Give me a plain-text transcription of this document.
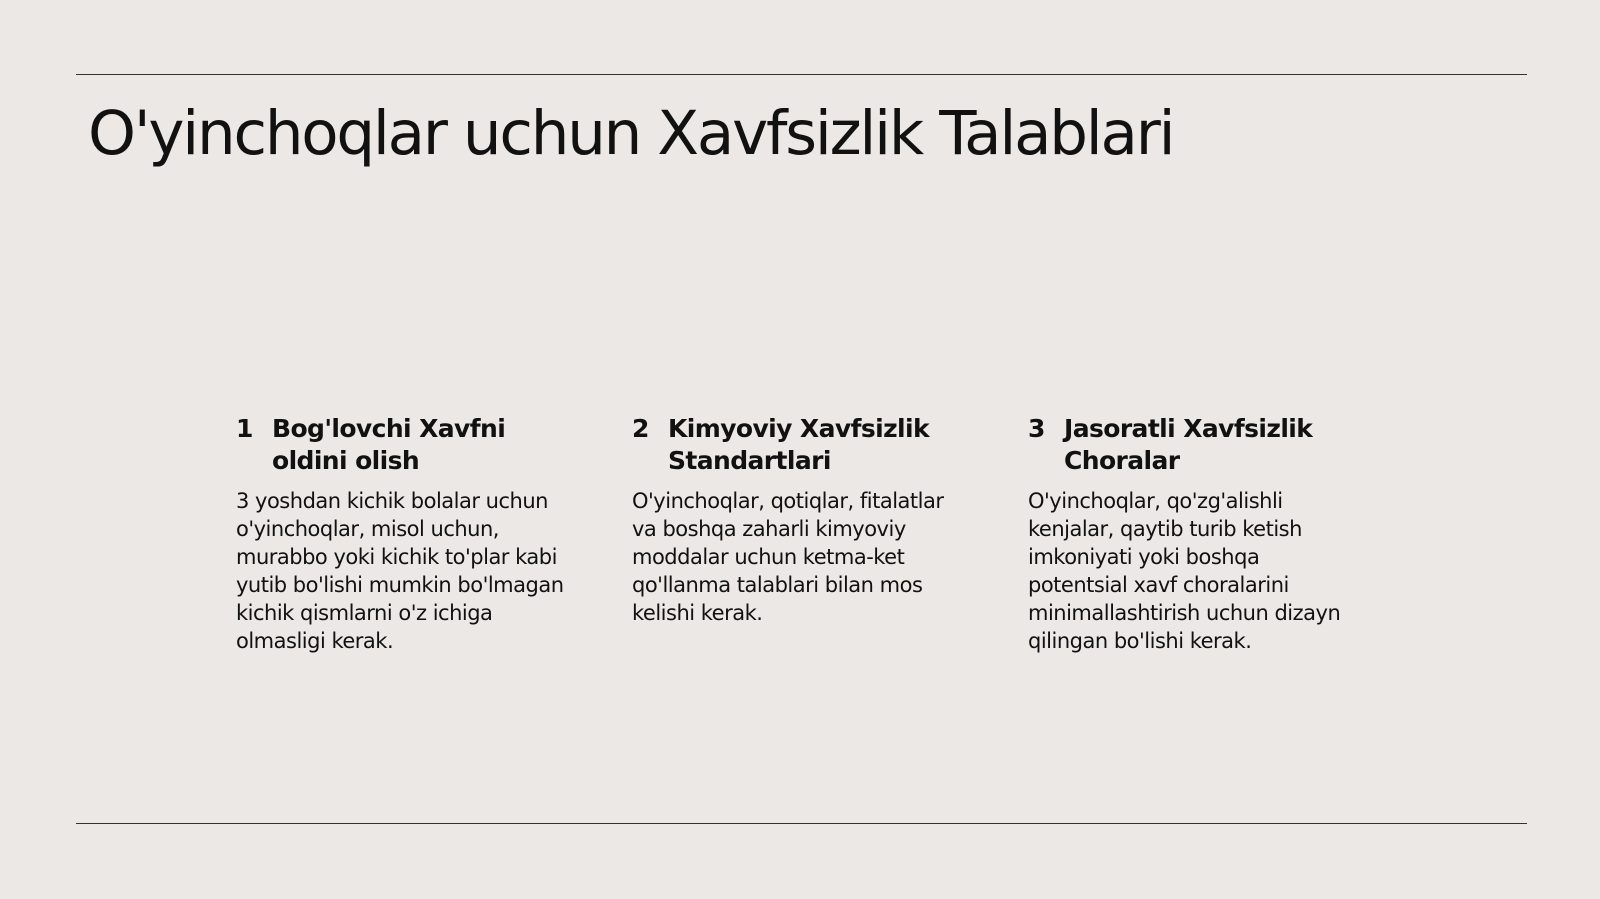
O'yinchoqlar uchun Xavfsizlik Talablari
1 Bog'lovchi Xavfni oldini olish

3 yoshdan kichik bolalar uchun o'yinchoqlar, misol uchun, murabbo yoki kichik to'plar kabi yutib bo'lishi mumkin bo'lmagan kichik qismlarni o'z ichiga olmasligi kerak.

2 Kimyoviy Xavfsizlik Standartlari

O'yinchoqlar, qotiqlar, fitalatlar va boshqa zaharli kimyoviy moddalar uchun ketma-ket qo'llanma talablari bilan mos kelishi kerak.

3 Jasoratli Xavfsizlik Choralar

O'yinchoqlar, qo'zg'alishli kenjalar, qaytib turib ketish imkoniyati yoki boshqa potentsial xavf choralarini minimallashtirish uchun dizayn qilingan bo'lishi kerak.
